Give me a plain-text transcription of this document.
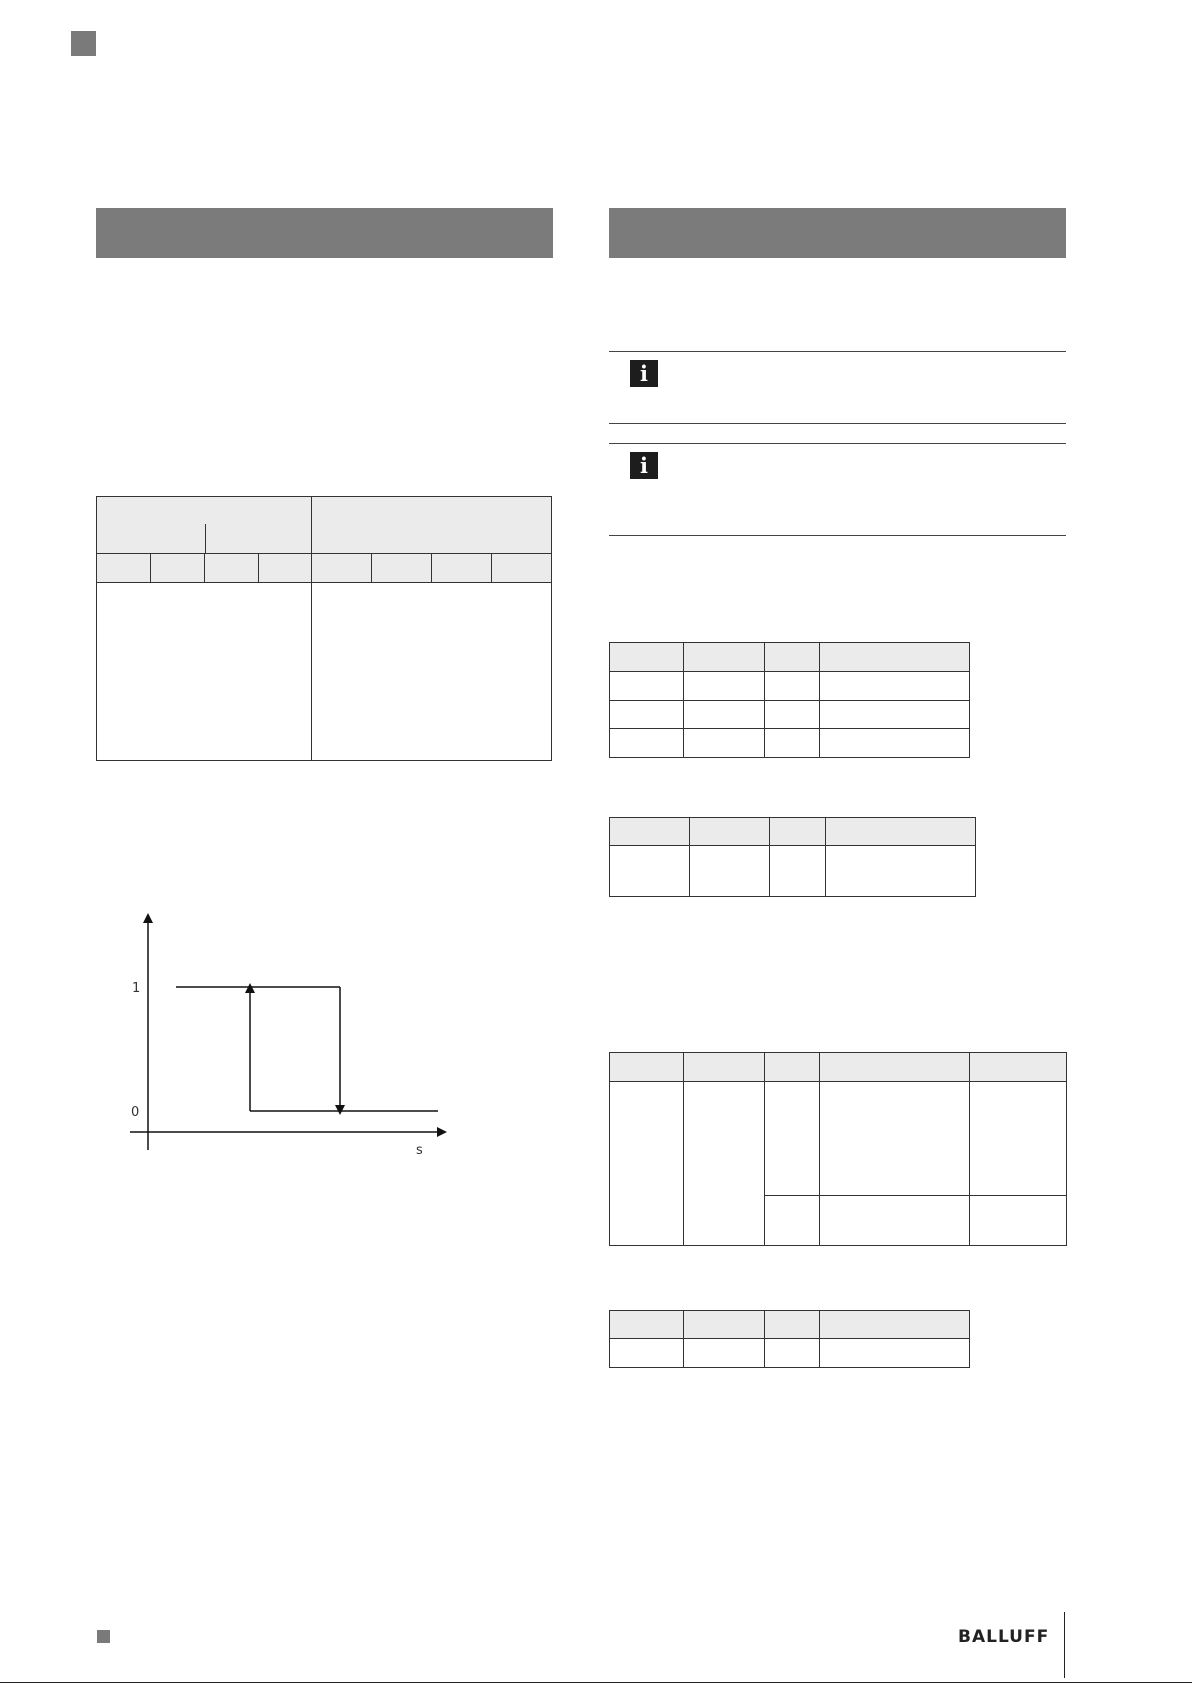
1
0
s
i
i

BALLUFF
